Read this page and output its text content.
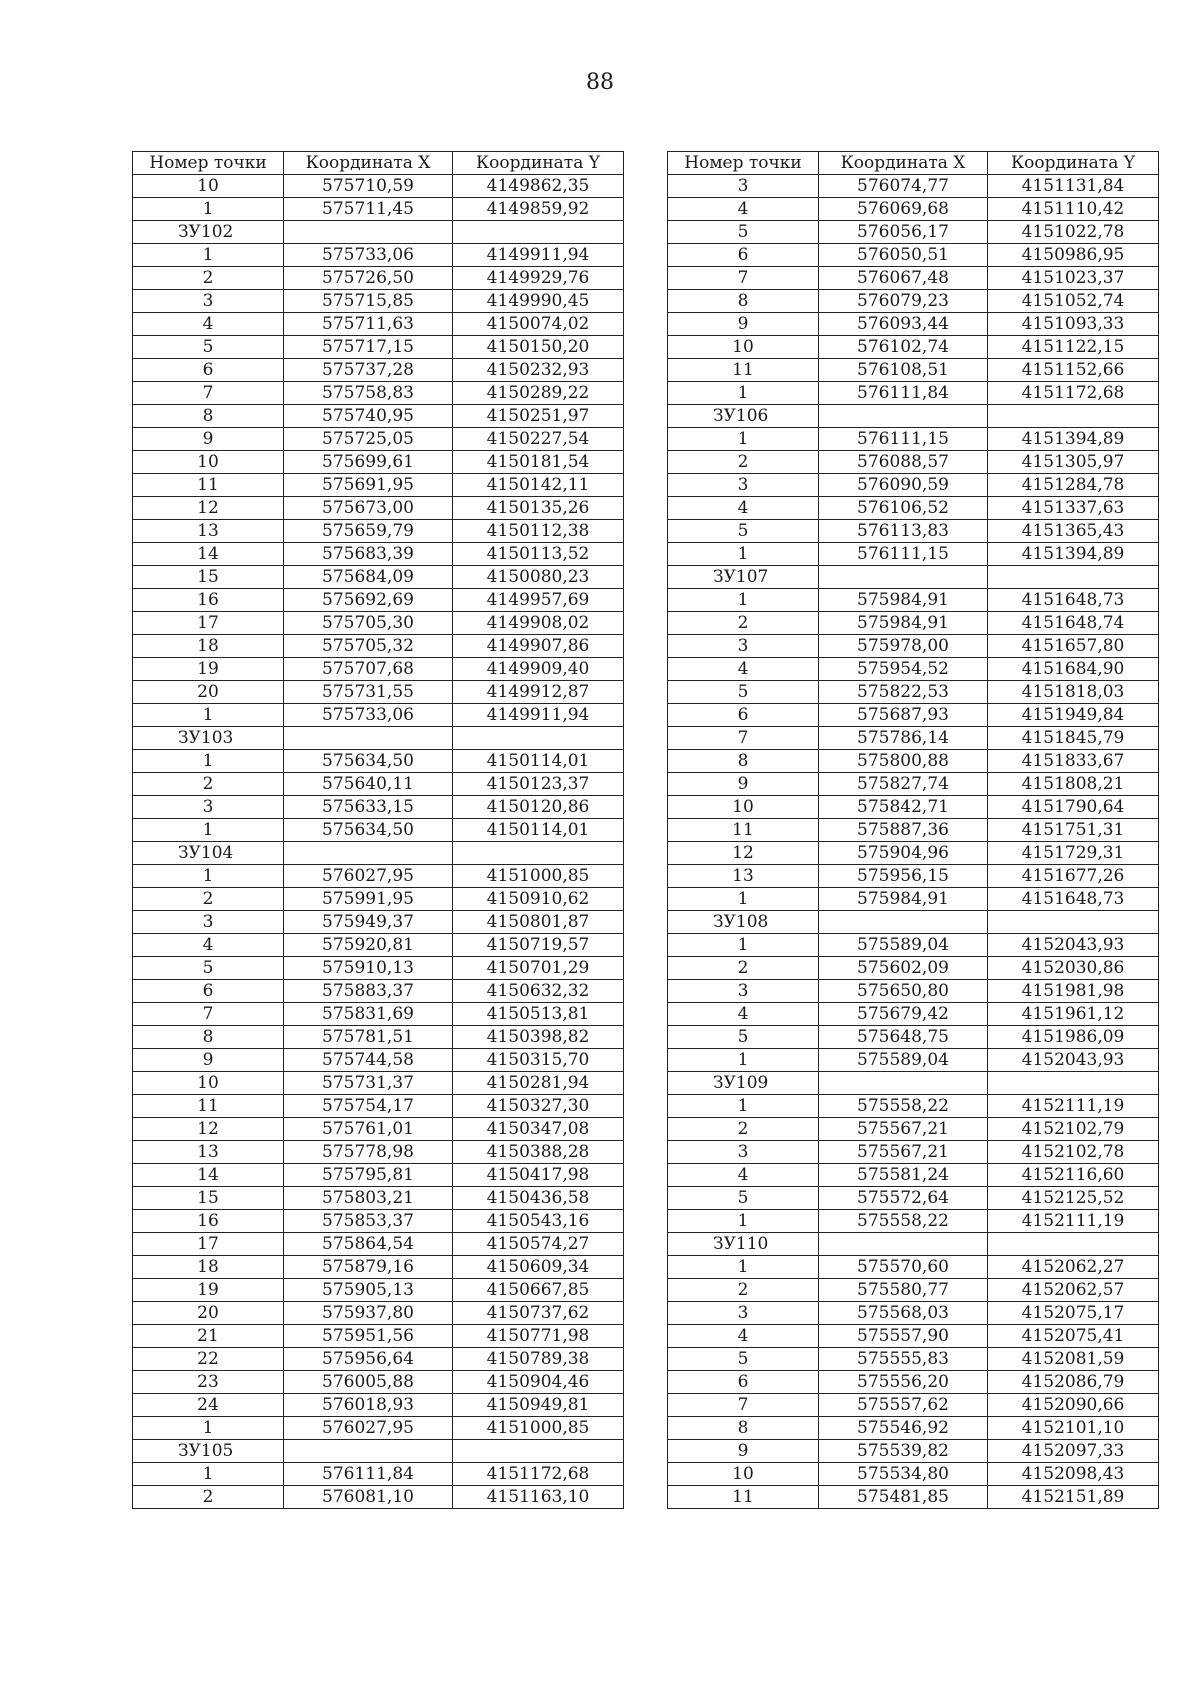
88
Номер точки	Координата X	Координата Y
10	575710,59	4149862,35
1	575711,45	4149859,92
ЗУ102		
1	575733,06	4149911,94
2	575726,50	4149929,76
3	575715,85	4149990,45
4	575711,63	4150074,02
5	575717,15	4150150,20
6	575737,28	4150232,93
7	575758,83	4150289,22
8	575740,95	4150251,97
9	575725,05	4150227,54
10	575699,61	4150181,54
11	575691,95	4150142,11
12	575673,00	4150135,26
13	575659,79	4150112,38
14	575683,39	4150113,52
15	575684,09	4150080,23
16	575692,69	4149957,69
17	575705,30	4149908,02
18	575705,32	4149907,86
19	575707,68	4149909,40
20	575731,55	4149912,87
1	575733,06	4149911,94
ЗУ103		
1	575634,50	4150114,01
2	575640,11	4150123,37
3	575633,15	4150120,86
1	575634,50	4150114,01
ЗУ104		
1	576027,95	4151000,85
2	575991,95	4150910,62
3	575949,37	4150801,87
4	575920,81	4150719,57
5	575910,13	4150701,29
6	575883,37	4150632,32
7	575831,69	4150513,81
8	575781,51	4150398,82
9	575744,58	4150315,70
10	575731,37	4150281,94
11	575754,17	4150327,30
12	575761,01	4150347,08
13	575778,98	4150388,28
14	575795,81	4150417,98
15	575803,21	4150436,58
16	575853,37	4150543,16
17	575864,54	4150574,27
18	575879,16	4150609,34
19	575905,13	4150667,85
20	575937,80	4150737,62
21	575951,56	4150771,98
22	575956,64	4150789,38
23	576005,88	4150904,46
24	576018,93	4150949,81
1	576027,95	4151000,85
ЗУ105		
1	576111,84	4151172,68
2	576081,10	4151163,10
Номер точки	Координата X	Координата Y
3	576074,77	4151131,84
4	576069,68	4151110,42
5	576056,17	4151022,78
6	576050,51	4150986,95
7	576067,48	4151023,37
8	576079,23	4151052,74
9	576093,44	4151093,33
10	576102,74	4151122,15
11	576108,51	4151152,66
1	576111,84	4151172,68
ЗУ106		
1	576111,15	4151394,89
2	576088,57	4151305,97
3	576090,59	4151284,78
4	576106,52	4151337,63
5	576113,83	4151365,43
1	576111,15	4151394,89
ЗУ107		
1	575984,91	4151648,73
2	575984,91	4151648,74
3	575978,00	4151657,80
4	575954,52	4151684,90
5	575822,53	4151818,03
6	575687,93	4151949,84
7	575786,14	4151845,79
8	575800,88	4151833,67
9	575827,74	4151808,21
10	575842,71	4151790,64
11	575887,36	4151751,31
12	575904,96	4151729,31
13	575956,15	4151677,26
1	575984,91	4151648,73
ЗУ108		
1	575589,04	4152043,93
2	575602,09	4152030,86
3	575650,80	4151981,98
4	575679,42	4151961,12
5	575648,75	4151986,09
1	575589,04	4152043,93
ЗУ109		
1	575558,22	4152111,19
2	575567,21	4152102,79
3	575567,21	4152102,78
4	575581,24	4152116,60
5	575572,64	4152125,52
1	575558,22	4152111,19
ЗУ110		
1	575570,60	4152062,27
2	575580,77	4152062,57
3	575568,03	4152075,17
4	575557,90	4152075,41
5	575555,83	4152081,59
6	575556,20	4152086,79
7	575557,62	4152090,66
8	575546,92	4152101,10
9	575539,82	4152097,33
10	575534,80	4152098,43
11	575481,85	4152151,89
